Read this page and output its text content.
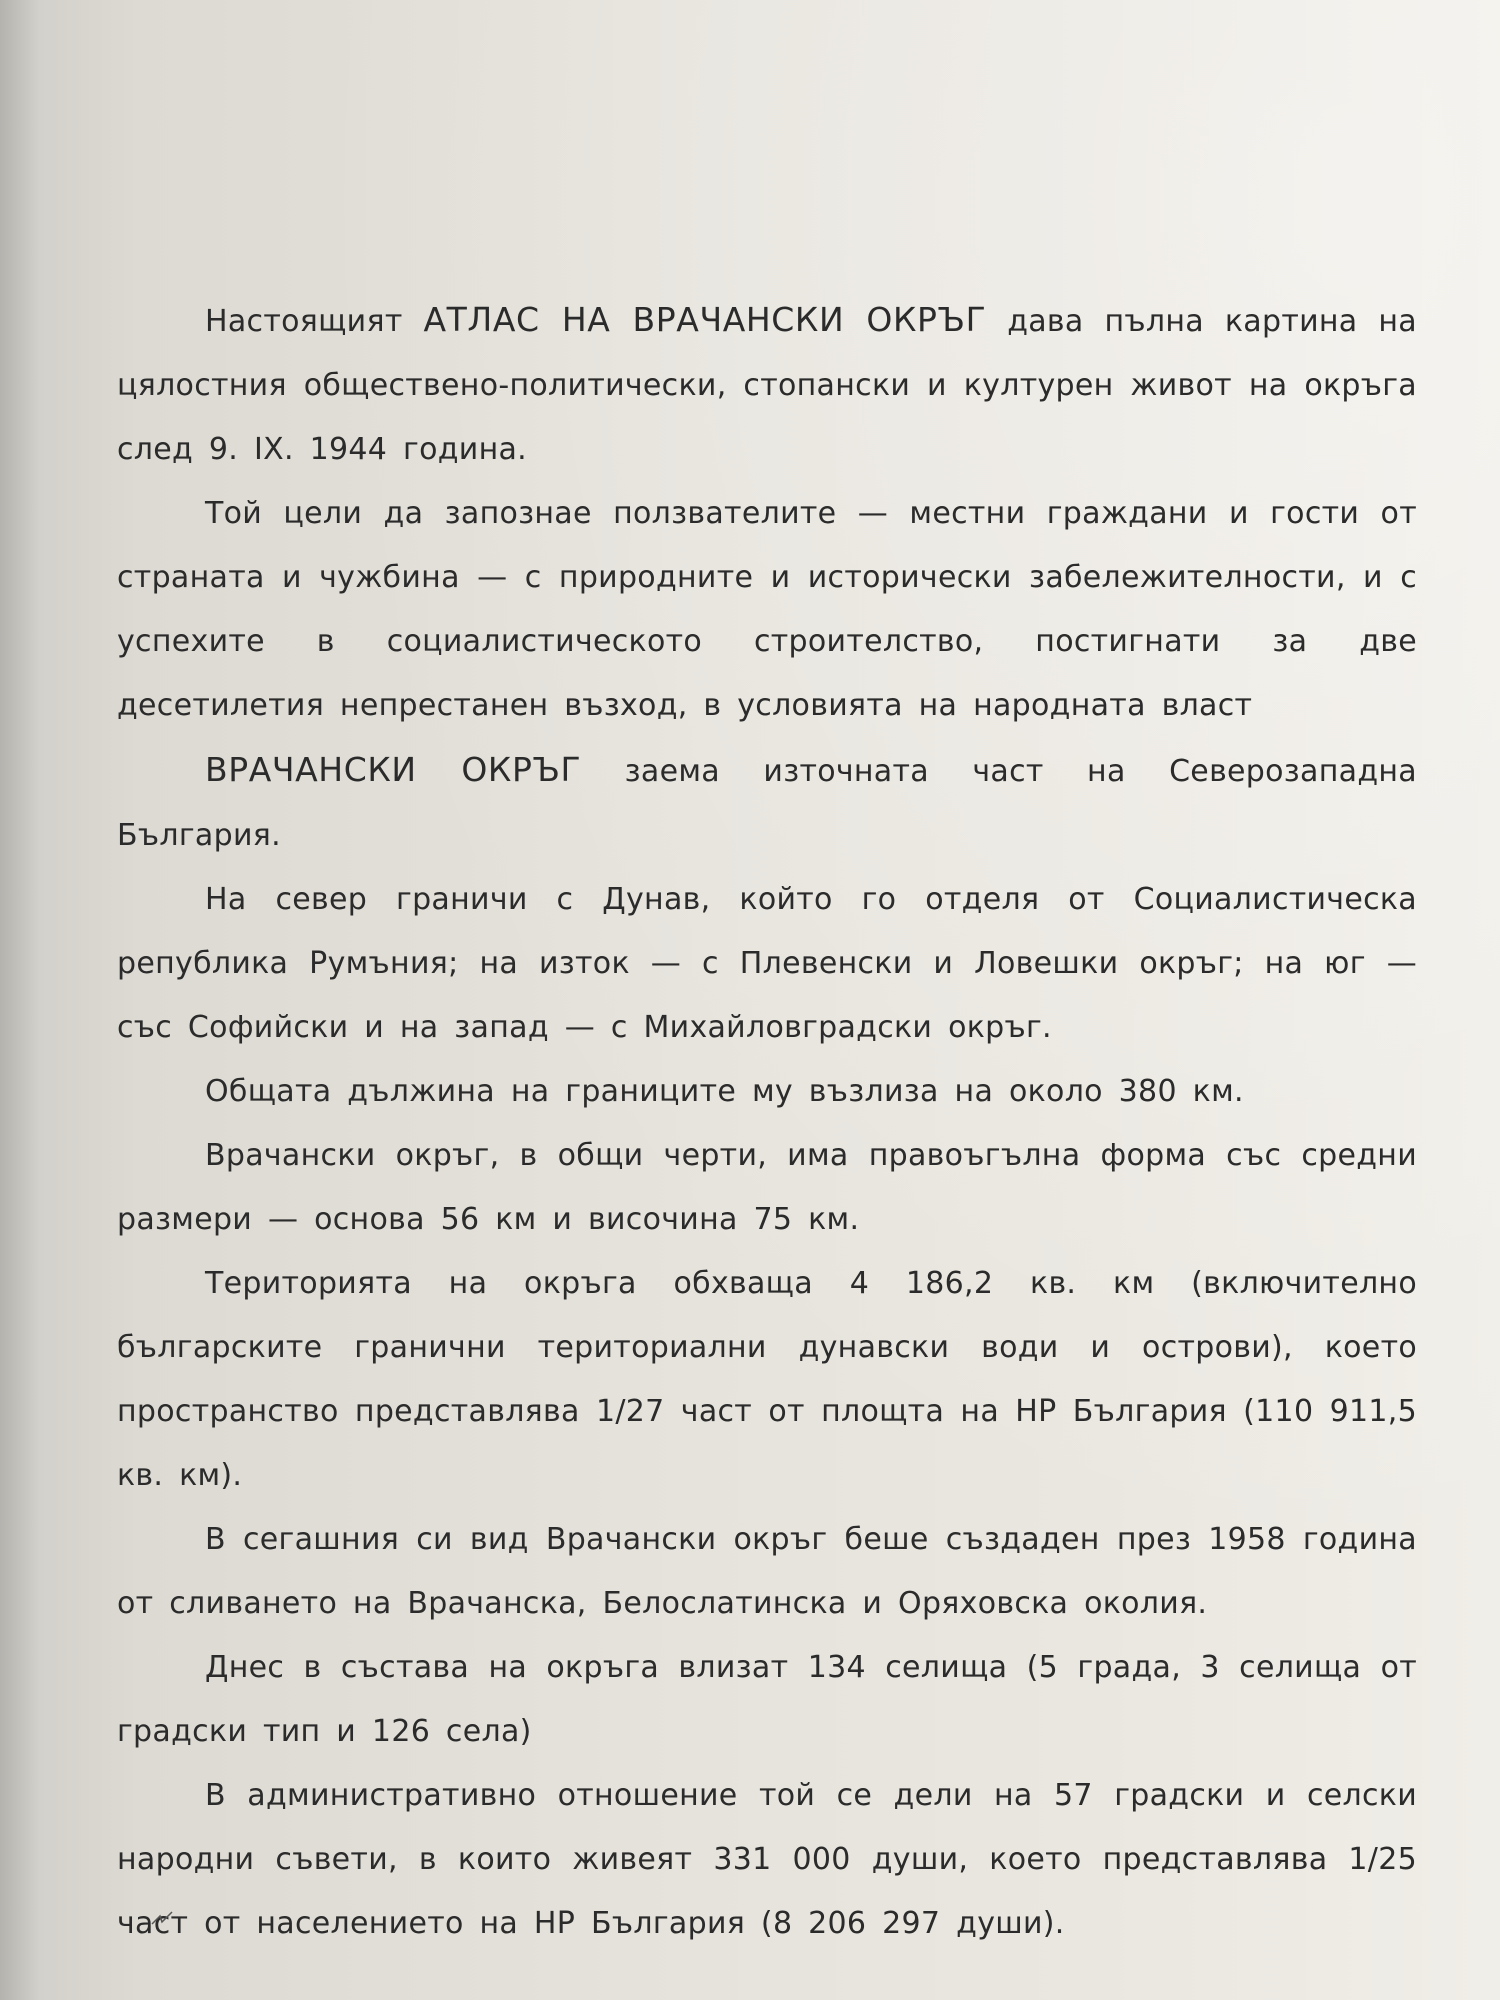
Настоящият АТЛАС НА ВРАЧАНСКИ ОКРЪГ дава пълна картина на цялостния обществено-политически, стопански и културен живот на окръга след 9. IX. 1944 година.

Той цели да запознае ползвателите — местни граждани и гости от страната и чужбина — с природните и исторически забележителности, и с успехите в социалистическото строителство, постигнати за две десетилетия непрестанен възход, в условията на народната власт

ВРАЧАНСКИ ОКРЪГ заема източната част на Северозападна България.

На север граничи с Дунав, който го отделя от Социалистическа република Румъния; на изток — с Плевенски и Ловешки окръг; на юг — със Софийски и на запад — с Михайловградски окръг.

Общата дължина на границите му възлиза на около 380 км.

Врачански окръг, в общи черти, има правоъгълна форма със средни размери — основа 56 км и височина 75 км.

Територията на окръга обхваща 4 186,2 кв. км (включително българските гранични териториални дунавски води и острови), което пространство представлява 1/27 част от площта на НР България (110 911,5 кв. км).

В сегашния си вид Врачански окръг беше създаден през 1958 година от сливането на Врачанска, Белослатинска и Оряховска околия.

Днес в състава на окръга влизат 134 селища (5 града, 3 селища от градски тип и 126 села)

В административно отношение той се дели на 57 градски и селски народни съвети, в които живеят 331 000 души, което представлява 1/25 част от населението на НР България (8 206 297 души).
